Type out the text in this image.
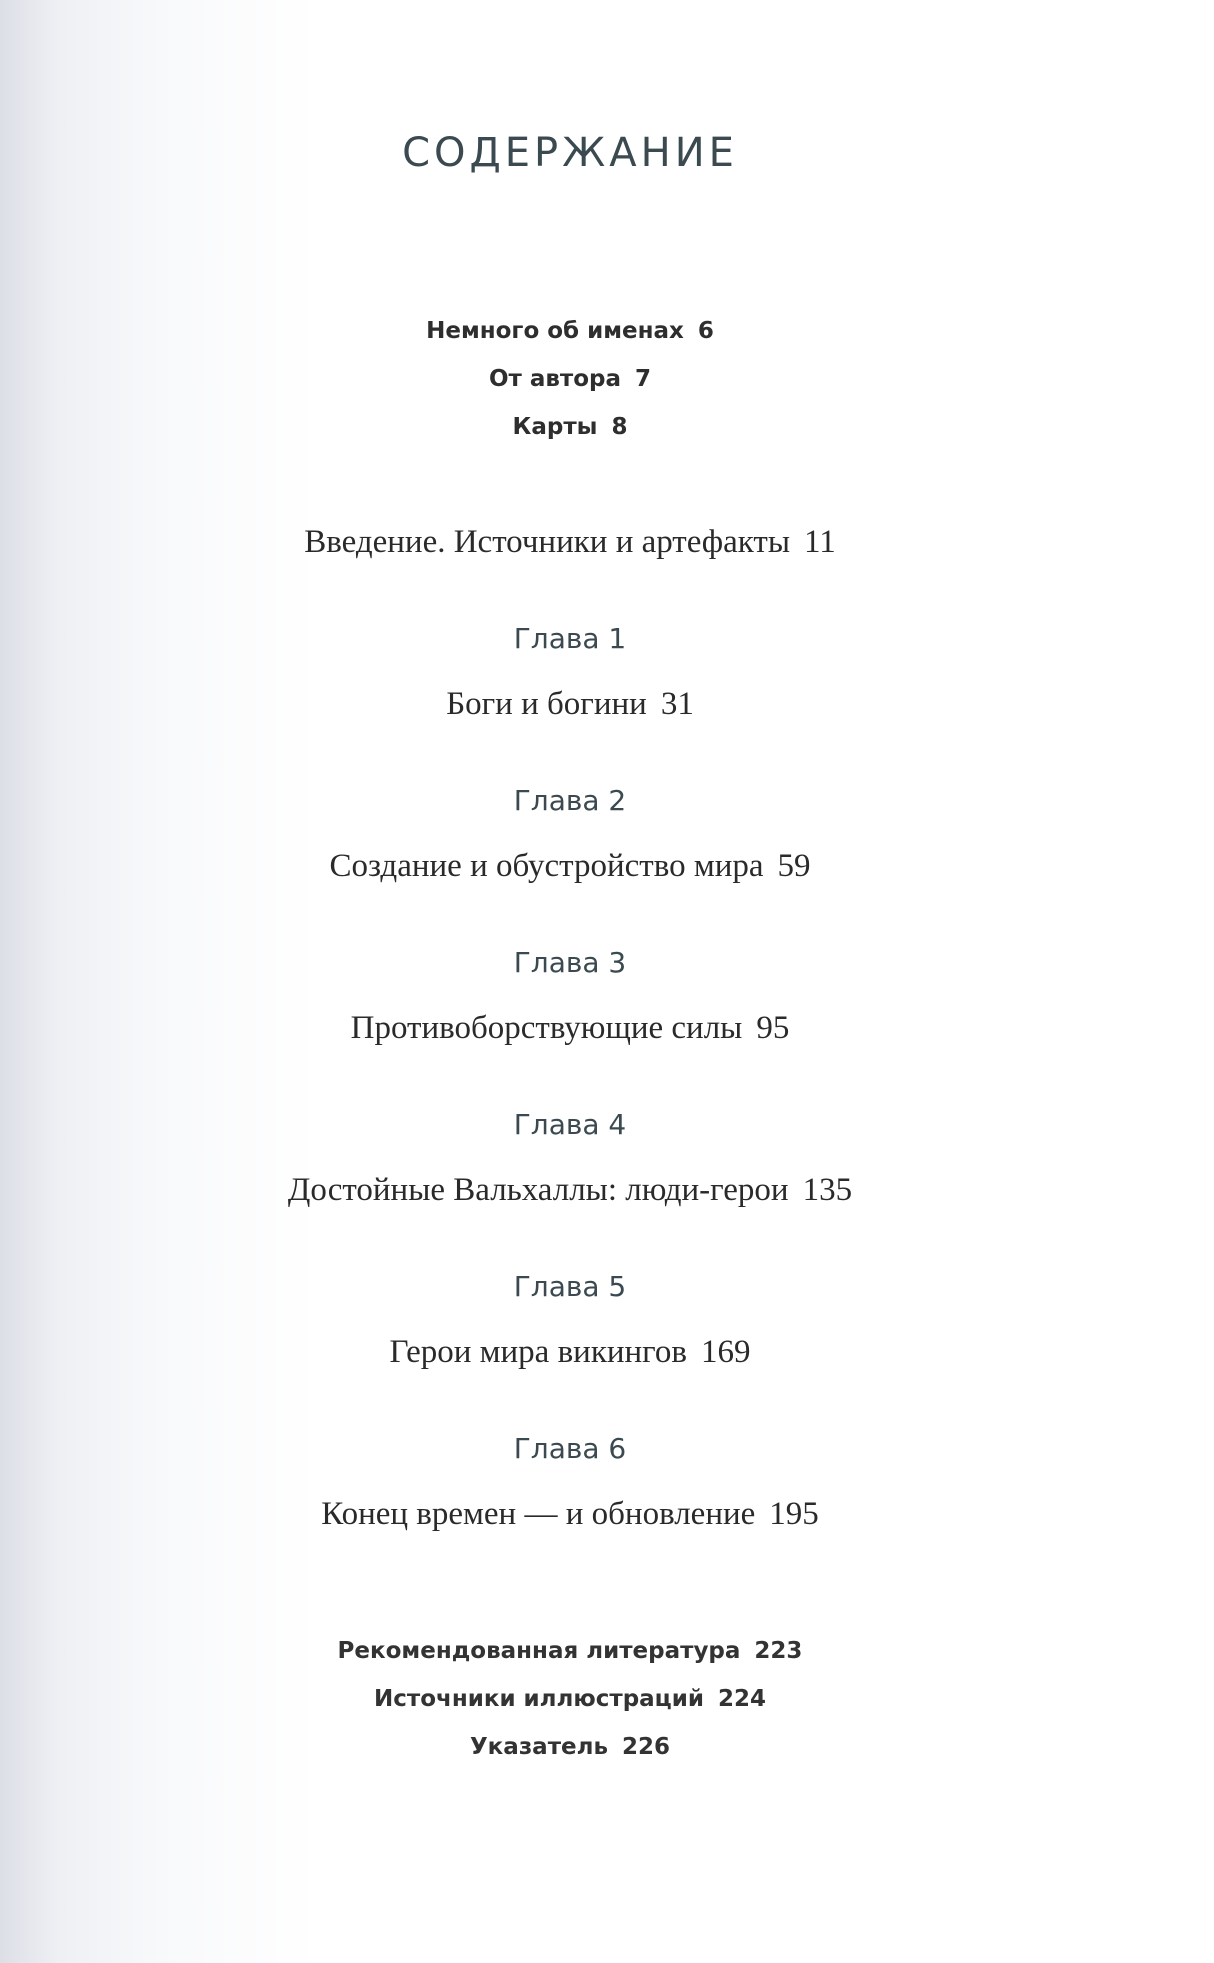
СОДЕРЖАНИЕ
Немного об именах 6
От автора 7
Карты 8
Введение. Источники и артефакты 11
Глава 1
Боги и богини 31
Глава 2
Создание и обустройство мира 59
Глава 3
Противоборствующие силы 95
Глава 4
Достойные Вальхаллы: люди-герои 135
Глава 5
Герои мира викингов 169
Глава 6
Конец времен — и обновление 195
Рекомендованная литература 223
Источники иллюстраций 224
Указатель 226
